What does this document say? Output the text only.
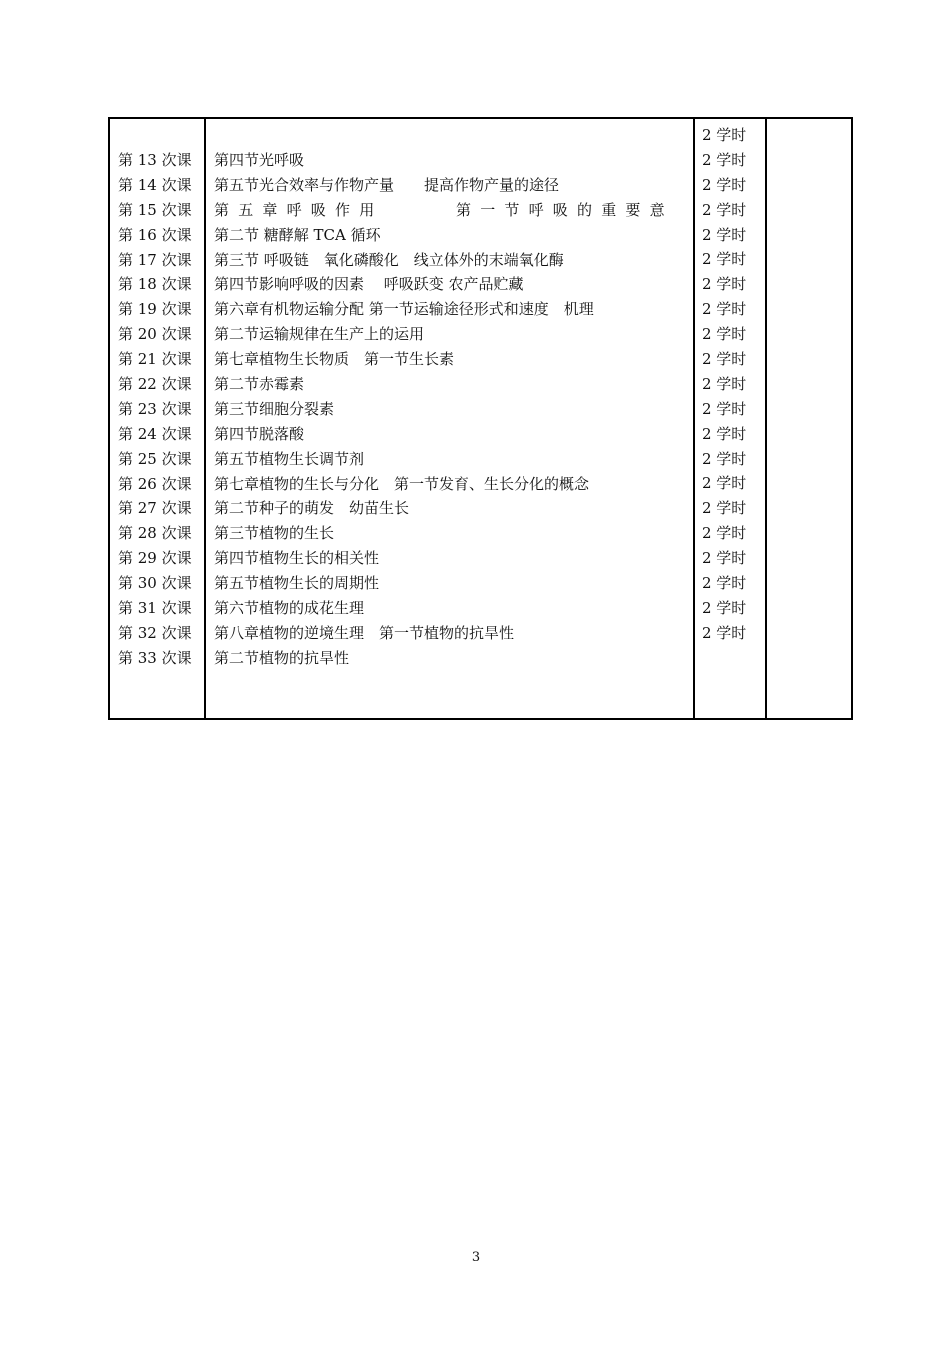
第 13 次课
第 14 次课
第 15 次课
第 16 次课
第 17 次课
第 18 次课
第 19 次课
第 20 次课
第 21 次课
第 22 次课
第 23 次课
第 24 次课
第 25 次课
第 26 次课
第 27 次课
第 28 次课
第 29 次课
第 30 次课
第 31 次课
第 32 次课
第 33 次课
第四节光呼吸
第五节光合效率与作物产量　　提高作物产量的途径
第五章呼吸作用　　　第一节呼吸的重要意
第二节 糖酵解 TCA 循环
第三节 呼吸链　氧化磷酸化　线立体外的末端氧化酶
第四节影响呼吸的因素　 呼吸跃变 农产品贮藏
第六章有机物运输分配 第一节运输途径形式和速度　机理
第二节运输规律在生产上的运用
第七章植物生长物质　第一节生长素
第二节赤霉素
第三节细胞分裂素
第四节脱落酸
第五节植物生长调节剂
第七章植物的生长与分化　第一节发育、生长分化的概念
第二节种子的萌发　幼苗生长
第三节植物的生长
第四节植物生长的相关性
第五节植物生长的周期性
第六节植物的成花生理
第八章植物的逆境生理　第一节植物的抗旱性
第二节植物的抗旱性
2 学时
2 学时
2 学时
2 学时
2 学时
2 学时
2 学时
2 学时
2 学时
2 学时
2 学时
2 学时
2 学时
2 学时
2 学时
2 学时
2 学时
2 学时
2 学时
2 学时
2 学时
3
